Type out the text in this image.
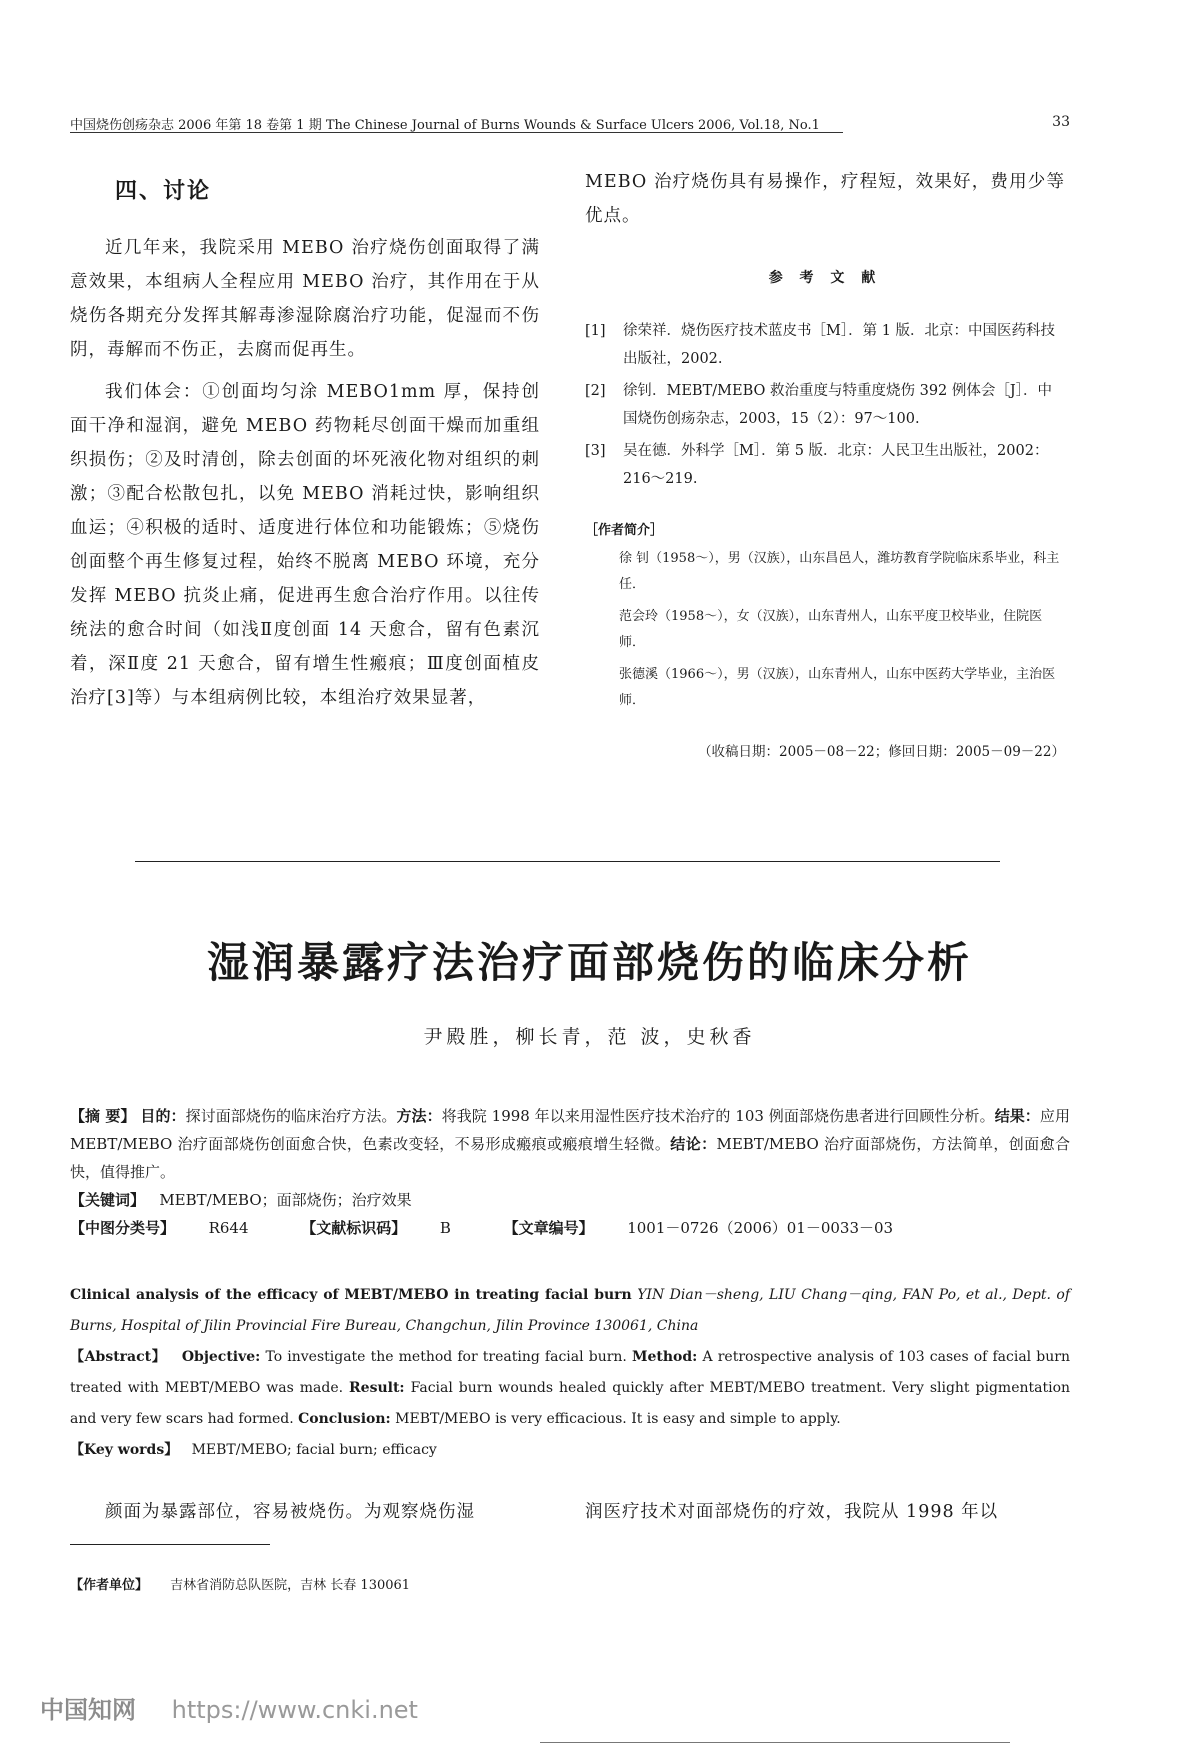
中国烧伤创疡杂志 2006 年第 18 卷第 1 期 The Chinese Journal of Burns Wounds & Surface Ulcers 2006, Vol.18, No.1	33
四、讨论

近几年来，我院采用 MEBO 治疗烧伤创面取得了满意效果，本组病人全程应用 MEBO 治疗，其作用在于从烧伤各期充分发挥其解毒渗湿除腐治疗功能，促湿而不伤阴，毒解而不伤正，去腐而促再生。

我们体会：①创面均匀涂 MEBO1mm 厚，保持创面干净和湿润，避免 MEBO 药物耗尽创面干燥而加重组织损伤；②及时清创，除去创面的坏死液化物对组织的刺激；③配合松散包扎，以免 MEBO 消耗过快，影响组织血运；④积极的适时、适度进行体位和功能锻炼；⑤烧伤创面整个再生修复过程，始终不脱离 MEBO 环境，充分发挥 MEBO 抗炎止痛，促进再生愈合治疗作用。以往传统法的愈合时间（如浅Ⅱ度创面 14 天愈合，留有色素沉着，深Ⅱ度 21 天愈合，留有增生性瘢痕；Ⅲ度创面植皮治疗[3]等）与本组病例比较，本组治疗效果显著，

MEBO 治疗烧伤具有易操作，疗程短，效果好，费用少等优点。

参 考 文 献
[1] 徐荣祥．烧伤医疗技术蓝皮书［M］．第 1 版．北京：中国医药科技出版社，2002.
[2] 徐钊．MEBT/MEBO 救治重度与特重度烧伤 392 例体会［J］．中国烧伤创疡杂志，2003，15（2）：97～100.
[3] 吴在德．外科学［M］．第 5 版．北京：人民卫生出版社，2002：216～219.
［作者简介］
徐 钊（1958～），男（汉族），山东昌邑人，潍坊教育学院临床系毕业，科主任．
范会玲（1958～），女（汉族），山东青州人，山东平度卫校毕业，住院医师．
张德溪（1966～），男（汉族），山东青州人，山东中医药大学毕业，主治医师．
（收稿日期：2005－08－22；修回日期：2005－09－22）
湿润暴露疗法治疗面部烧伤的临床分析
尹殿胜，柳长青，范 波，史秋香

【摘 要】 目的：探讨面部烧伤的临床治疗方法。方法：将我院 1998 年以来用湿性医疗技术治疗的 103 例面部烧伤患者进行回顾性分析。结果：应用 MEBT/MEBO 治疗面部烧伤创面愈合快，色素改变轻，不易形成瘢痕或瘢痕增生轻微。结论：MEBT/MEBO 治疗面部烧伤，方法简单，创面愈合快，值得推广。

【关键词】 MEBT/MEBO；面部烧伤；治疗效果

【中图分类号】 R644	【文献标识码】 B	【文章编号】 1001－0726（2006）01－0033－03

Clinical analysis of the efficacy of MEBT/MEBO in treating facial burn YIN Dian－sheng, LIU Chang－qing, FAN Po, et al., Dept. of Burns, Hospital of Jilin Provincial Fire Bureau, Changchun, Jilin Province 130061, China

【Abstract】 Objective: To investigate the method for treating facial burn. Method: A retrospective analysis of 103 cases of facial burn treated with MEBT/MEBO was made. Result: Facial burn wounds healed quickly after MEBT/MEBO treatment. Very slight pigmentation and very few scars had formed. Conclusion: MEBT/MEBO is very efficacious. It is easy and simple to apply.

【Key words】 MEBT/MEBO; facial burn; efficacy

颜面为暴露部位，容易被烧伤。为观察烧伤湿	润医疗技术对面部烧伤的疗效，我院从 1998 年以
【作者单位】 吉林省消防总队医院，吉林 长春 130061
中国知网 https://www.cnki.net
